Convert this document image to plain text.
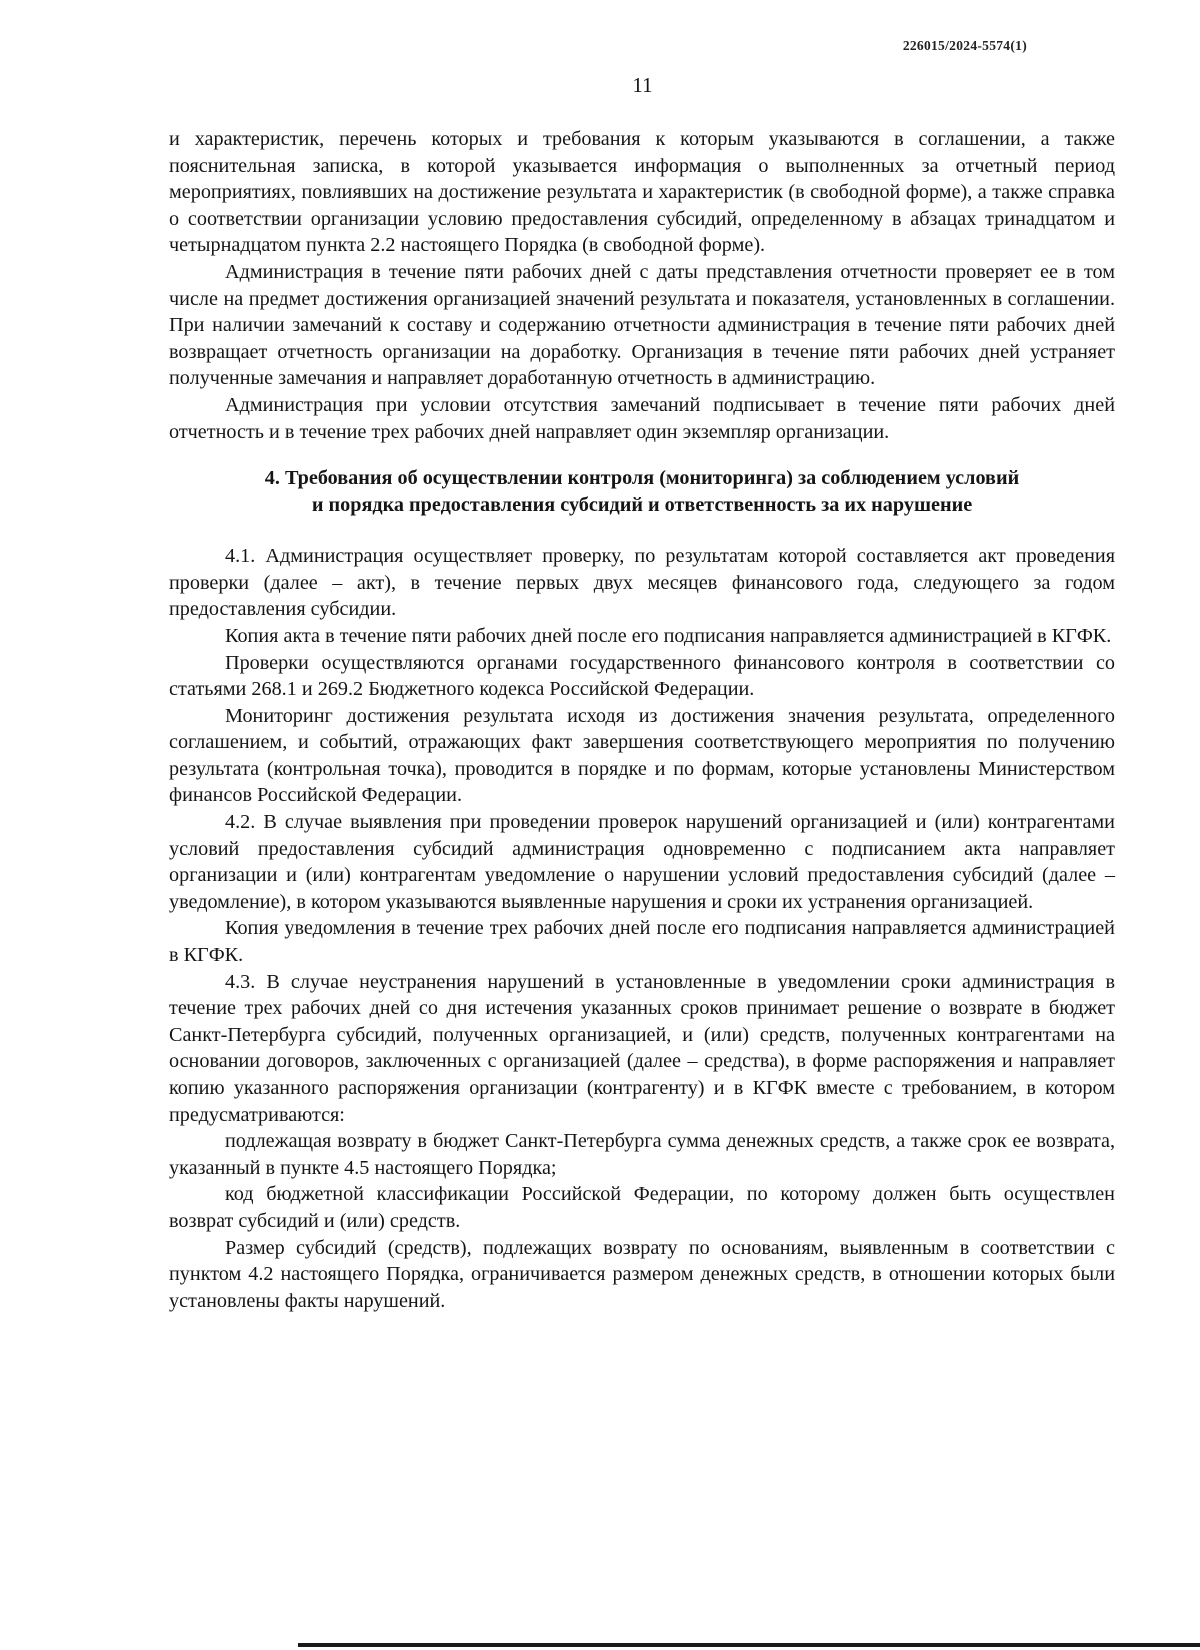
226015/2024-5574(1)
11

и характеристик, перечень которых и требования к которым указываются в соглашении, а также пояснительная записка, в которой указывается информация о выполненных за отчетный период мероприятиях, повлиявших на достижение результата и характеристик (в свободной форме), а также справка о соответствии организации условию предоставления субсидий, определенному в абзацах тринадцатом и четырнадцатом пункта 2.2 настоящего Порядка (в свободной форме).

Администрация в течение пяти рабочих дней с даты представления отчетности проверяет ее в том числе на предмет достижения организацией значений результата и показателя, установленных в соглашении. При наличии замечаний к составу и содержанию отчетности администрация в течение пяти рабочих дней возвращает отчетность организации на доработку. Организация в течение пяти рабочих дней устраняет полученные замечания и направляет доработанную отчетность в администрацию.

Администрация при условии отсутствия замечаний подписывает в течение пяти рабочих дней отчетность и в течение трех рабочих дней направляет один экземпляр организации.

4. Требования об осуществлении контроля (мониторинга) за соблюдением условий
и порядка предоставления субсидий и ответственность за их нарушение

4.1. Администрация осуществляет проверку, по результатам которой составляется акт проведения проверки (далее – акт), в течение первых двух месяцев финансового года, следующего за годом предоставления субсидии.

Копия акта в течение пяти рабочих дней после его подписания направляется администрацией в КГФК.

Проверки осуществляются органами государственного финансового контроля в соответствии со статьями 268.1 и 269.2 Бюджетного кодекса Российской Федерации.

Мониторинг достижения результата исходя из достижения значения результата, определенного соглашением, и событий, отражающих факт завершения соответствующего мероприятия по получению результата (контрольная точка), проводится в порядке и по формам, которые установлены Министерством финансов Российской Федерации.

4.2. В случае выявления при проведении проверок нарушений организацией и (или) контрагентами условий предоставления субсидий администрация одновременно с подписанием акта направляет организации и (или) контрагентам уведомление о нарушении условий предоставления субсидий (далее – уведомление), в котором указываются выявленные нарушения и сроки их устранения организацией.

Копия уведомления в течение трех рабочих дней после его подписания направляется администрацией в КГФК.

4.3. В случае неустранения нарушений в установленные в уведомлении сроки администрация в течение трех рабочих дней со дня истечения указанных сроков принимает решение о возврате в бюджет Санкт-Петербурга субсидий, полученных организацией, и (или) средств, полученных контрагентами на основании договоров, заключенных с организацией (далее – средства), в форме распоряжения и направляет копию указанного распоряжения организации (контрагенту) и в КГФК вместе с требованием, в котором предусматриваются:

подлежащая возврату в бюджет Санкт-Петербурга сумма денежных средств, а также срок ее возврата, указанный в пункте 4.5 настоящего Порядка;

код бюджетной классификации Российской Федерации, по которому должен быть осуществлен возврат субсидий и (или) средств.

Размер субсидий (средств), подлежащих возврату по основаниям, выявленным в соответствии с пунктом 4.2 настоящего Порядка, ограничивается размером денежных средств, в отношении которых были установлены факты нарушений.
